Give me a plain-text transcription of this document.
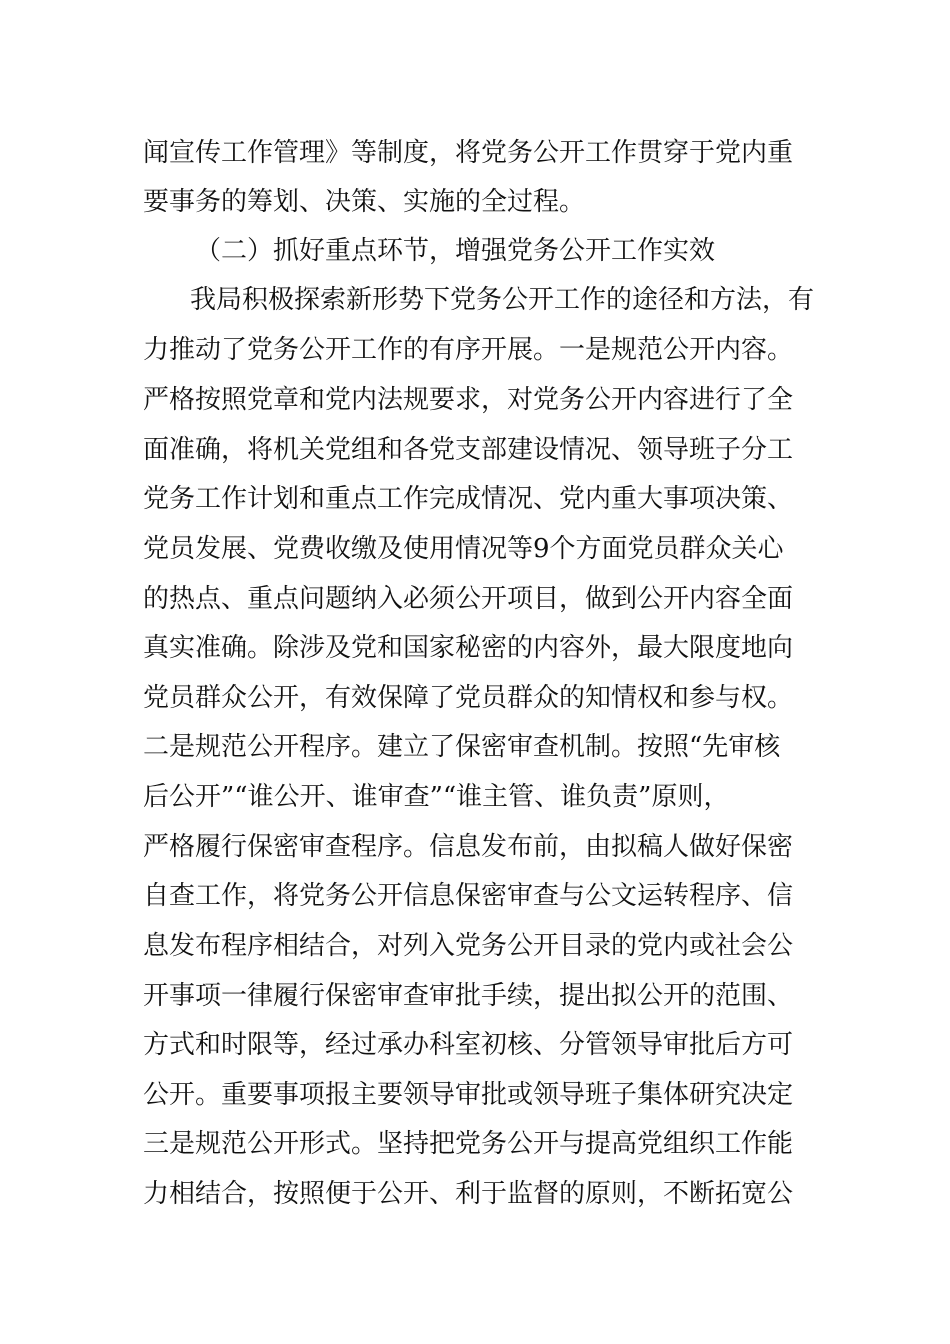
闻宣传工作管理》等制度，将党务公开工作贯穿于党内重
要事务的筹划、决策、实施的全过程。
（二）抓好重点环节，增强党务公开工作实效
我局积极探索新形势下党务公开工作的途径和方法，有
力推动了党务公开工作的有序开展。一是规范公开内容。
严格按照党章和党内法规要求，对党务公开内容进行了全
面准确，将机关党组和各党支部建设情况、领导班子分工
党务工作计划和重点工作完成情况、党内重大事项决策、
党员发展、党费收缴及使用情况等9个方面党员群众关心
的热点、重点问题纳入必须公开项目，做到公开内容全面
真实准确。除涉及党和国家秘密的内容外，最大限度地向
党员群众公开，有效保障了党员群众的知情权和参与权。
二是规范公开程序。建立了保密审查机制。按照“先审核
后公开”“谁公开、谁审查”“谁主管、谁负责”原则，
严格履行保密审查程序。信息发布前，由拟稿人做好保密
自查工作，将党务公开信息保密审查与公文运转程序、信
息发布程序相结合，对列入党务公开目录的党内或社会公
开事项一律履行保密审查审批手续，提出拟公开的范围、
方式和时限等，经过承办科室初核、分管领导审批后方可
公开。重要事项报主要领导审批或领导班子集体研究决定
三是规范公开形式。坚持把党务公开与提高党组织工作能
力相结合，按照便于公开、利于监督的原则，不断拓宽公
